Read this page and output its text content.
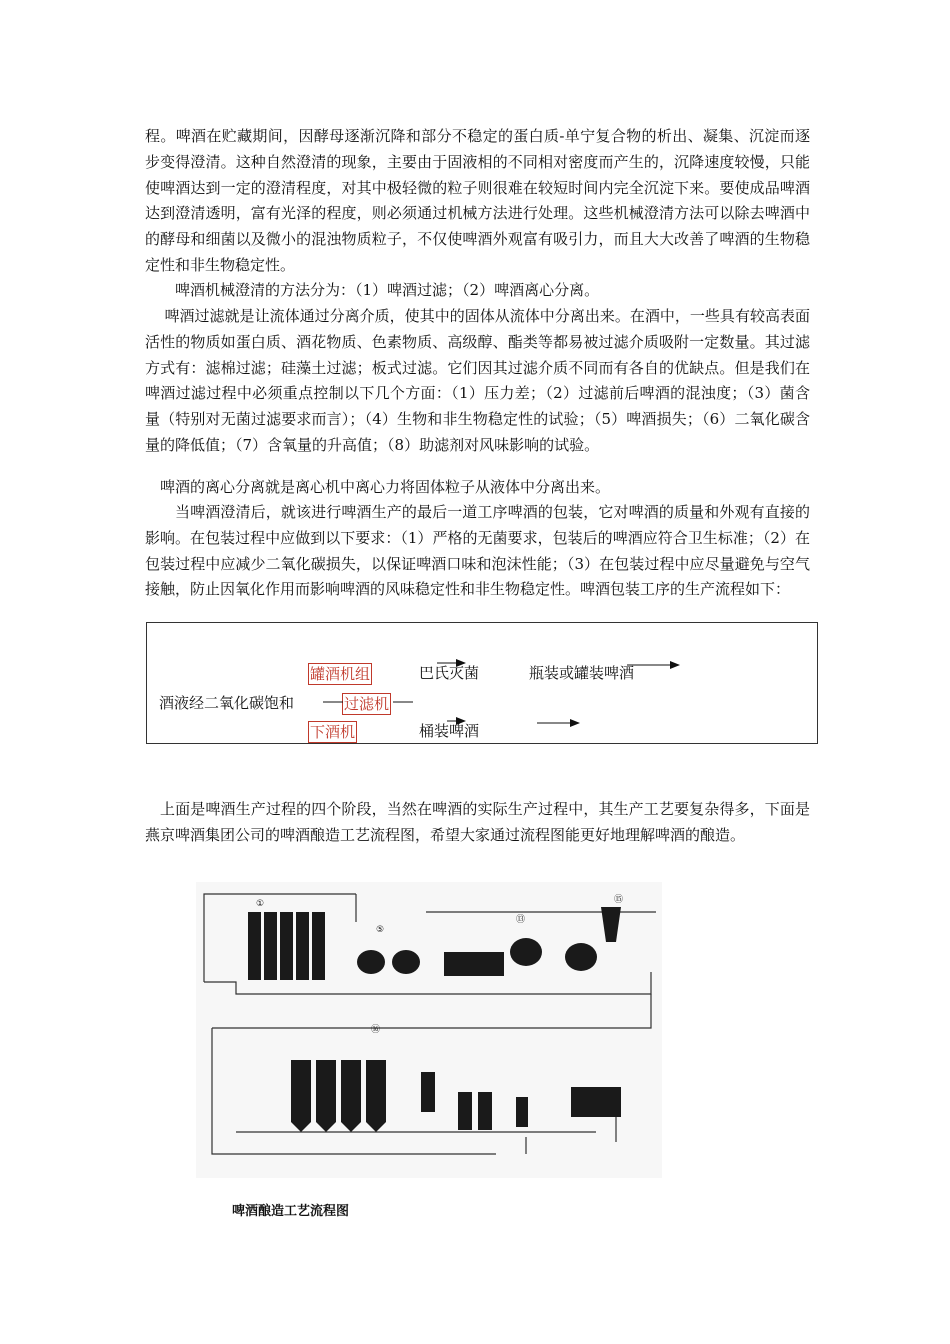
程。啤酒在贮藏期间，因酵母逐渐沉降和部分不稳定的蛋白质-单宁复合物的析出、凝集、沉淀而逐步变得澄清。这种自然澄清的现象，主要由于固液相的不同相对密度而产生的，沉降速度较慢，只能使啤酒达到一定的澄清程度，对其中极轻微的粒子则很难在较短时间内完全沉淀下来。要使成品啤酒达到澄清透明，富有光泽的程度，则必须通过机械方法进行处理。这些机械澄清方法可以除去啤酒中的酵母和细菌以及微小的混浊物质粒子，不仅使啤酒外观富有吸引力，而且大大改善了啤酒的生物稳定性和非生物稳定性。

啤酒机械澄清的方法分为：（1）啤酒过滤；（2）啤酒离心分离。

啤酒过滤就是让流体通过分离介质，使其中的固体从流体中分离出来。在酒中，一些具有较高表面活性的物质如蛋白质、酒花物质、色素物质、高级醇、酯类等都易被过滤介质吸附一定数量。其过滤方式有：滤棉过滤；硅藻土过滤；板式过滤。它们因其过滤介质不同而有各自的优缺点。但是我们在啤酒过滤过程中必须重点控制以下几个方面：（1）压力差；（2）过滤前后啤酒的混浊度；（3）菌含量（特别对无菌过滤要求而言）；（4）生物和非生物稳定性的试验；（5）啤酒损失；（6）二氧化碳含量的降低值；（7）含氧量的升高值；（8）助滤剂对风味影响的试验。

啤酒的离心分离就是离心机中离心力将固体粒子从液体中分离出来。

当啤酒澄清后，就该进行啤酒生产的最后一道工序啤酒的包装，它对啤酒的质量和外观有直接的影响。在包装过程中应做到以下要求：（1）严格的无菌要求，包装后的啤酒应符合卫生标准；（2）在包装过程中应减少二氧化碳损失，以保证啤酒口味和泡沫性能；（3）在包装过程中应尽量避免与空气接触，防止因氧化作用而影响啤酒的风味稳定性和非生物稳定性。啤酒包装工序的生产流程如下：

罐酒机组	巴氏灭菌	瓶装或罐装啤酒
酒液经二氧化碳饱和	过滤机
下酒机	桶装啤酒

上面是啤酒生产过程的四个阶段，当然在啤酒的实际生产过程中，其生产工艺要复杂得多，下面是燕京啤酒集团公司的啤酒酿造工艺流程图，希望大家通过流程图能更好地理解啤酒的酿造。

①
⑤
⑬
⑮
⑯
啤酒酿造工艺流程图
